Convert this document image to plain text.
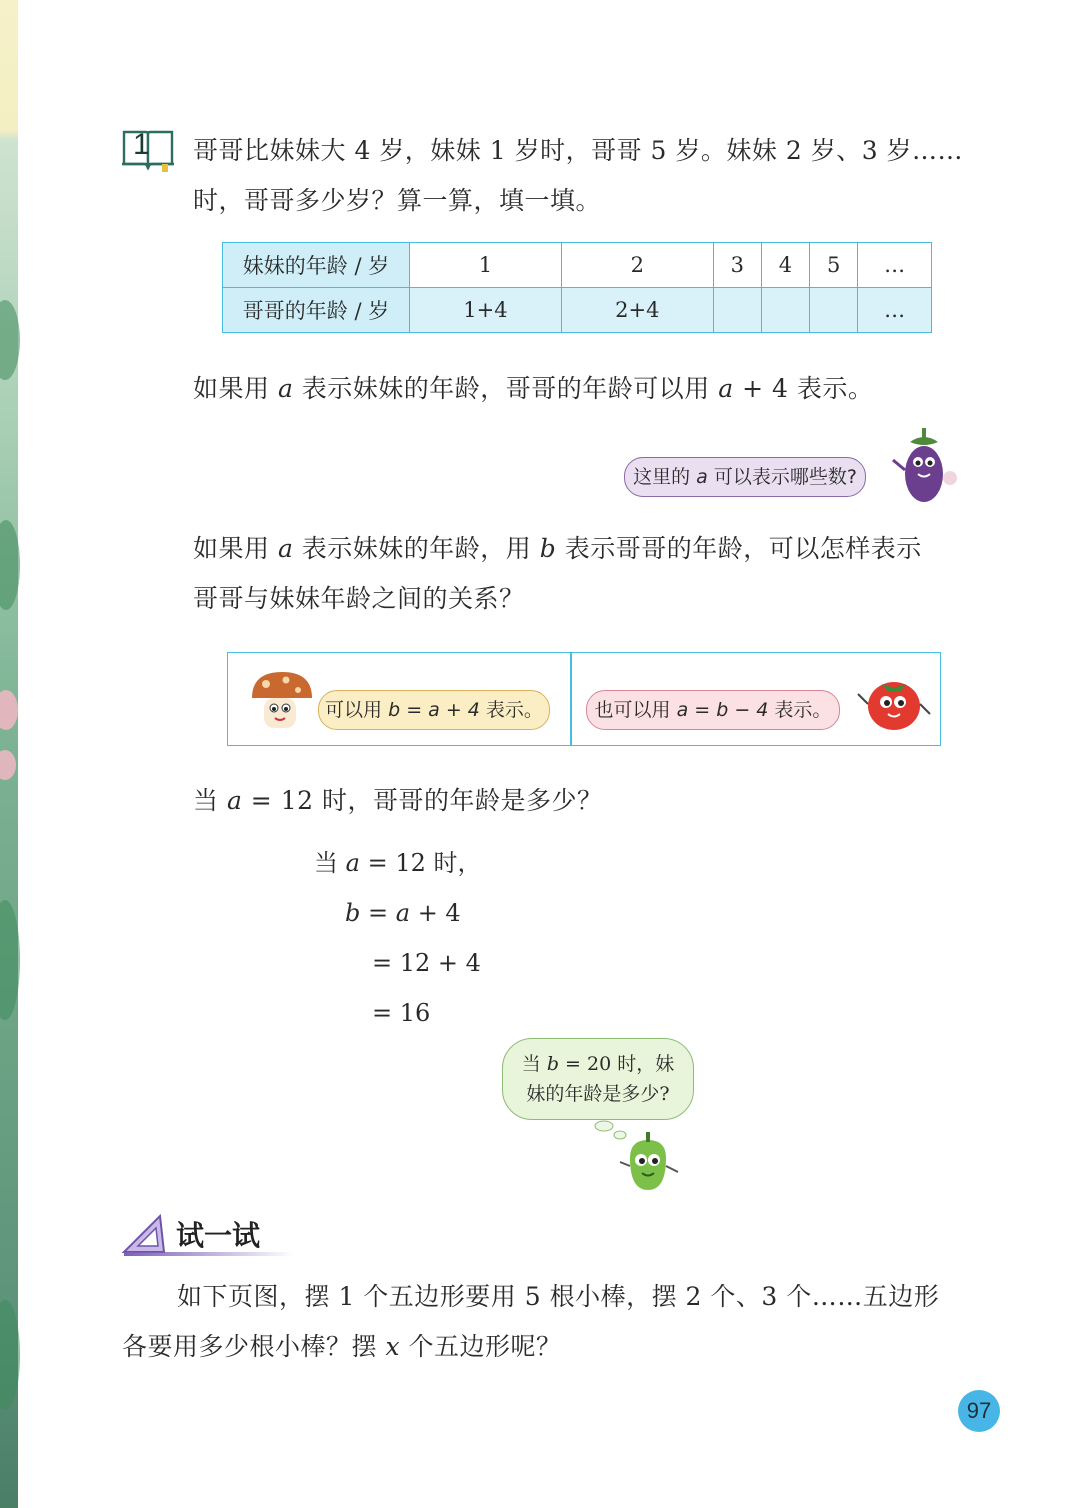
1 哥哥比妹妹大 4 岁，妹妹 1 岁时，哥哥 5 岁。妹妹 2 岁、3 岁……
时，哥哥多少岁？算一算，填一填。
妹妹的年龄 / 岁	1	2	3	4	5	…
哥哥的年龄 / 岁	1+4	2+4				…
如果用 a 表示妹妹的年龄，哥哥的年龄可以用 a + 4 表示。
这里的 a 可以表示哪些数?
如果用 a 表示妹妹的年龄，用 b 表示哥哥的年龄，可以怎样表示
哥哥与妹妹年龄之间的关系？
可以用 b = a + 4 表示。	也可以用 a = b − 4 表示。
当 a = 12 时，哥哥的年龄是多少？
当 a = 12 时，
b = a + 4
= 12 + 4
= 16
当 b = 20 时，妹
妹的年龄是多少?
试一试
如下页图，摆 1 个五边形要用 5 根小棒，摆 2 个、3 个……五边形
各要用多少根小棒？摆 x 个五边形呢？
97
